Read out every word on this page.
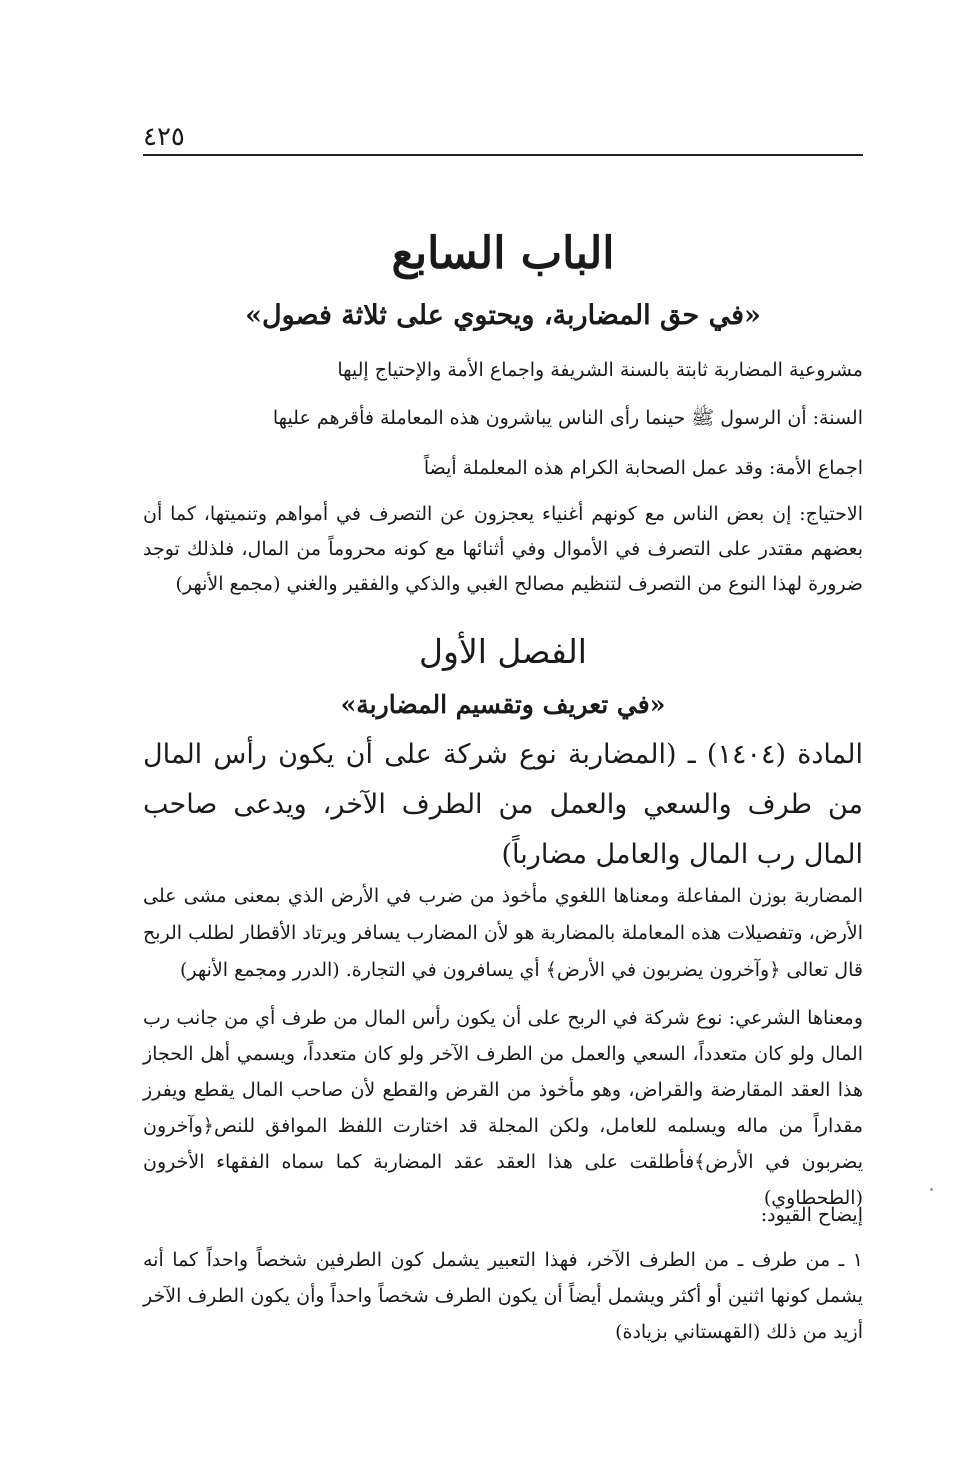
٤٢٥
الباب السابع
«في حق المضاربة، ويحتوي على ثلاثة فصول»

مشروعية المضاربة ثابتة بالسنة الشريفة واجماع الأمة والإحتياج إليها

السنة: أن الرسول ﷺ حينما رأى الناس يباشرون هذه المعاملة فأقرهم عليها

اجماع الأمة: وقد عمل الصحابة الكرام هذه المعلملة أيضاً

الاحتياج: إن بعض الناس مع كونهم أغنياء يعجزون عن التصرف في أمواهم وتنميتها، كما أن بعضهم مقتدر على التصرف في الأموال وفي أثنائها مع كونه محروماً من المال، فلذلك توجد ضرورة لهذا النوع من التصرف لتنظيم مصالح الغبي والذكي والفقير والغني (مجمع الأنهر)

الفصل الأول
«في تعريف وتقسيم المضاربة»

المادة (١٤٠٤) ـ (المضاربة نوع شركة على أن يكون رأس المال من طرف والسعي والعمل من الطرف الآخر، ويدعى صاحب المال رب المال والعامل مضارباً)

المضاربة بوزن المفاعلة ومعناها اللغوي مأخوذ من ضرب في الأرض الذي بمعنى مشى على الأرض، وتفصيلات هذه المعاملة بالمضاربة هو لأن المضارب يسافر ويرتاد الأقطار لطلب الربح قال تعالى ﴿وآخرون يضربون في الأرض﴾ أي يسافرون في التجارة. (الدرر ومجمع الأنهر)

ومعناها الشرعي: نوع شركة في الربح على أن يكون رأس المال من طرف أي من جانب رب المال ولو كان متعدداً، السعي والعمل من الطرف الآخر ولو كان متعدداً، ويسمي أهل الحجاز هذا العقد المقارضة والقراض، وهو مأخوذ من القرض والقطع لأن صاحب المال يقطع ويفرز مقداراً من ماله ويسلمه للعامل، ولكن المجلة قد اختارت اللفظ الموافق للنص﴿وآخرون يضربون في الأرض﴾فأطلقت على هذا العقد عقد المضاربة كما سماه الفقهاء الأخرون (الطحطاوي)

إيضاح القيود:

١ ـ من طرف ـ من الطرف الآخر، فهذا التعبير يشمل كون الطرفين شخصاً واحداً كما أنه يشمل كونها اثنين أو أكثر ويشمل أيضاً أن يكون الطرف شخصاً واحداً وأن يكون الطرف الآخر أزيد من ذلك (القهستاني بزيادة)
